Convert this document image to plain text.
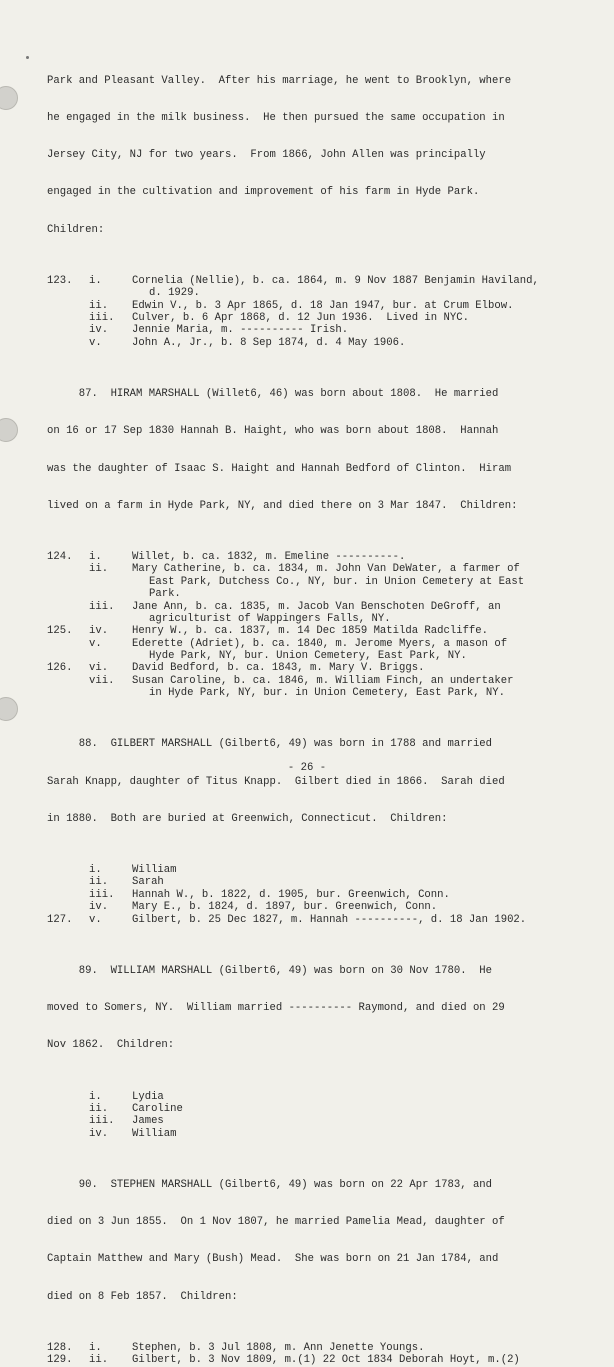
Park and Pleasant Valley.  After his marriage, he went to Brooklyn, where

he engaged in the milk business.  He then pursued the same occupation in

Jersey City, NJ for two years.  From 1866, John Allen was principally

engaged in the cultivation and improvement of his farm in Hyde Park.

Children:

123. i.	Cornelia (Nellie), b. ca. 1864, m. 9 Nov 1887 Benjamin Haviland,
d. 1929.
ii. Edwin V., b. 3 Apr 1865, d. 18 Jan 1947, bur. at Crum Elbow.
iii. Culver, b. 6 Apr 1868, d. 12 Jun 1936.  Lived in NYC.
iv. Jennie Maria, m. ---------- Irish.
v.	John A., Jr., b. 8 Sep 1874, d. 4 May 1906.

87.  HIRAM MARSHALL (Willet6, 46) was born about 1808.  He married

on 16 or 17 Sep 1830 Hannah B. Haight, who was born about 1808.  Hannah

was the daughter of Isaac S. Haight and Hannah Bedford of Clinton.  Hiram

lived on a farm in Hyde Park, NY, and died there on 3 Mar 1847.  Children:

124. i.	Willet, b. ca. 1832, m. Emeline ----------.
ii. Mary Catherine, b. ca. 1834, m. John Van DeWater, a farmer of
East Park, Dutchess Co., NY, bur. in Union Cemetery at East
Park.
iii. Jane Ann, b. ca. 1835, m. Jacob Van Benschoten DeGroff, an
agriculturist of Wappingers Falls, NY.
125. iv. Henry W., b. ca. 1837, m. 14 Dec 1859 Matilda Radcliffe.
v.	Ederette (Adriet), b. ca. 1840, m. Jerome Myers, a mason of
Hyde Park, NY, bur. Union Cemetery, East Park, NY.
126. vi. David Bedford, b. ca. 1843, m. Mary V. Briggs.
vii. Susan Caroline, b. ca. 1846, m. William Finch, an undertaker
in Hyde Park, NY, bur. in Union Cemetery, East Park, NY.

88.  GILBERT MARSHALL (Gilbert6, 49) was born in 1788 and married

Sarah Knapp, daughter of Titus Knapp.  Gilbert died in 1866.  Sarah died

in 1880.  Both are buried at Greenwich, Connecticut.  Children:

i.	William
ii. Sarah
iii. Hannah W., b. 1822, d. 1905, bur. Greenwich, Conn.
iv. Mary E., b. 1824, d. 1897, bur. Greenwich, Conn.
127. v.	Gilbert, b. 25 Dec 1827, m. Hannah ----------, d. 18 Jan 1902.

89.  WILLIAM MARSHALL (Gilbert6, 49) was born on 30 Nov 1780.  He

moved to Somers, NY.  William married ---------- Raymond, and died on 29

Nov 1862.  Children:

i.	Lydia
ii. Caroline
iii. James
iv. William

90.  STEPHEN MARSHALL (Gilbert6, 49) was born on 22 Apr 1783, and

died on 3 Jun 1855.  On 1 Nov 1807, he married Pamelia Mead, daughter of

Captain Matthew and Mary (Bush) Mead.  She was born on 21 Jan 1784, and

died on 8 Feb 1857.  Children:

128. i.	Stephen, b. 3 Jul 1808, m. Ann Jenette Youngs.
129. ii. Gilbert, b. 3 Nov 1809, m.(1) 22 Oct 1834 Deborah Hoyt, m.(2)
- 26 -
